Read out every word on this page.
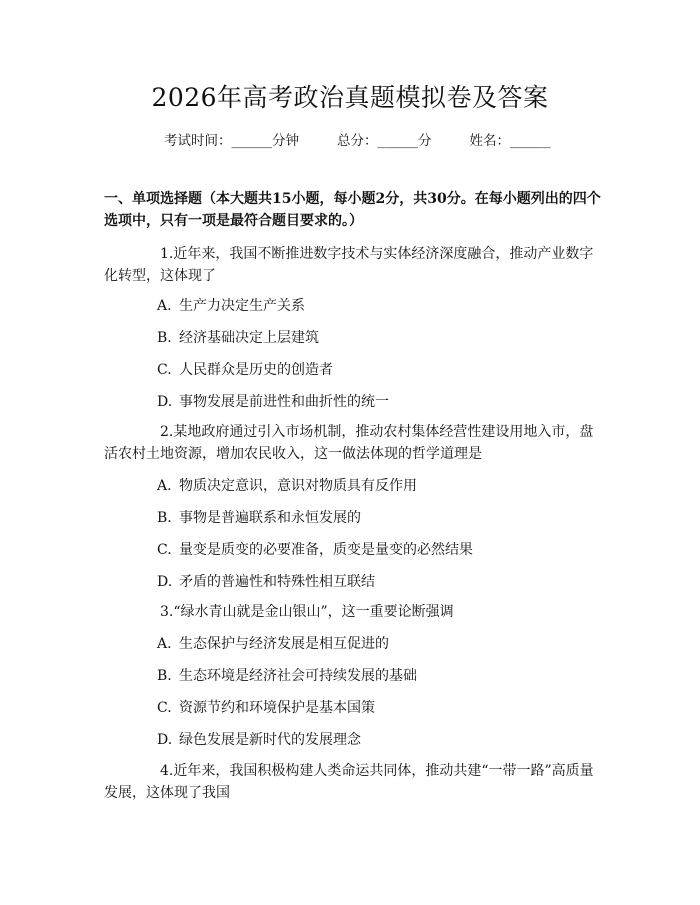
2026年高考政治真题模拟卷及答案
考试时间：______分钟	总分：______分	姓名：______
一、单项选择题（本大题共15小题，每小题2分，共30分。在每小题列出的四个选项中，只有一项是最符合题目要求的。）
1.近年来，我国不断推进数字技术与实体经济深度融合，推动产业数字化转型，这体现了
A. 生产力决定生产关系
B. 经济基础决定上层建筑
C. 人民群众是历史的创造者
D. 事物发展是前进性和曲折性的统一
2.某地政府通过引入市场机制，推动农村集体经营性建设用地入市，盘活农村土地资源，增加农民收入，这一做法体现的哲学道理是
A. 物质决定意识，意识对物质具有反作用
B. 事物是普遍联系和永恒发展的
C. 量变是质变的必要准备，质变是量变的必然结果
D. 矛盾的普遍性和特殊性相互联结
3.“绿水青山就是金山银山”，这一重要论断强调
A. 生态保护与经济发展是相互促进的
B. 生态环境是经济社会可持续发展的基础
C. 资源节约和环境保护是基本国策
D. 绿色发展是新时代的发展理念
4.近年来，我国积极构建人类命运共同体，推动共建“一带一路”高质量发展，这体现了我国
